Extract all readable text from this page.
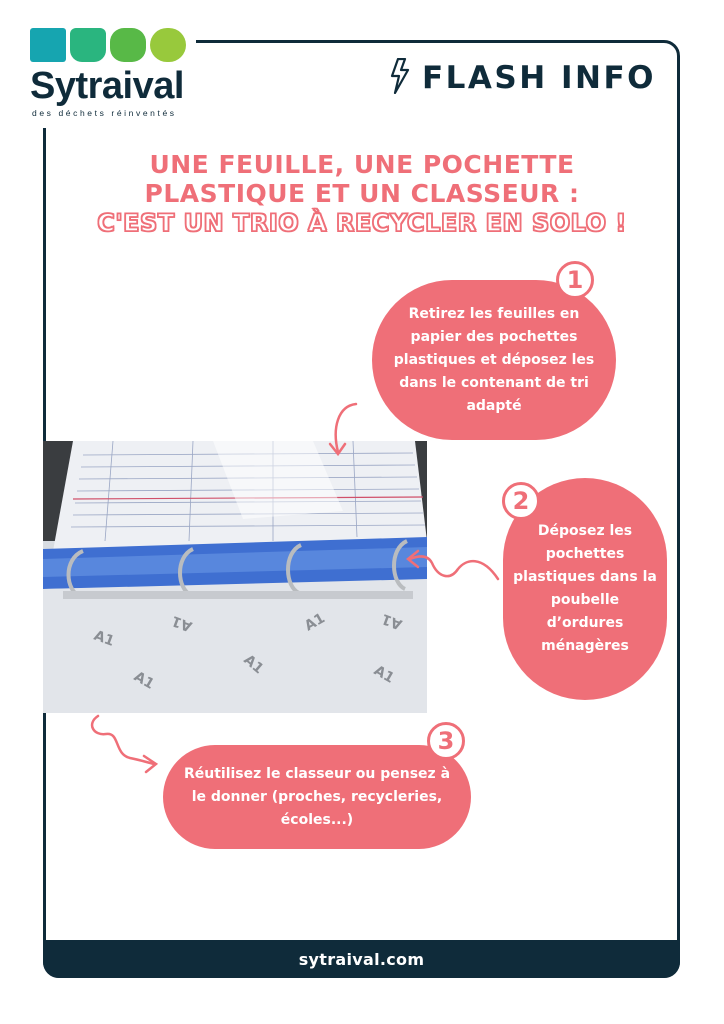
Sytraival
des déchets réinventés
FLASH INFO
UNE FEUILLE, UNE POCHETTE
PLASTIQUE ET UN CLASSEUR :
C'EST UN TRIO À RECYCLER EN SOLO !
A1
A1	A1	A1
A1
A1	A1
Retirez les feuilles en papier des pochettes plastiques et déposez les dans le contenant de tri adapté
1
Déposez les pochettes plastiques dans la poubelle d’ordures ménagères
2
Réutilisez le classeur ou pensez à le donner (proches, recycleries, écoles...)
3
sytraival.com
